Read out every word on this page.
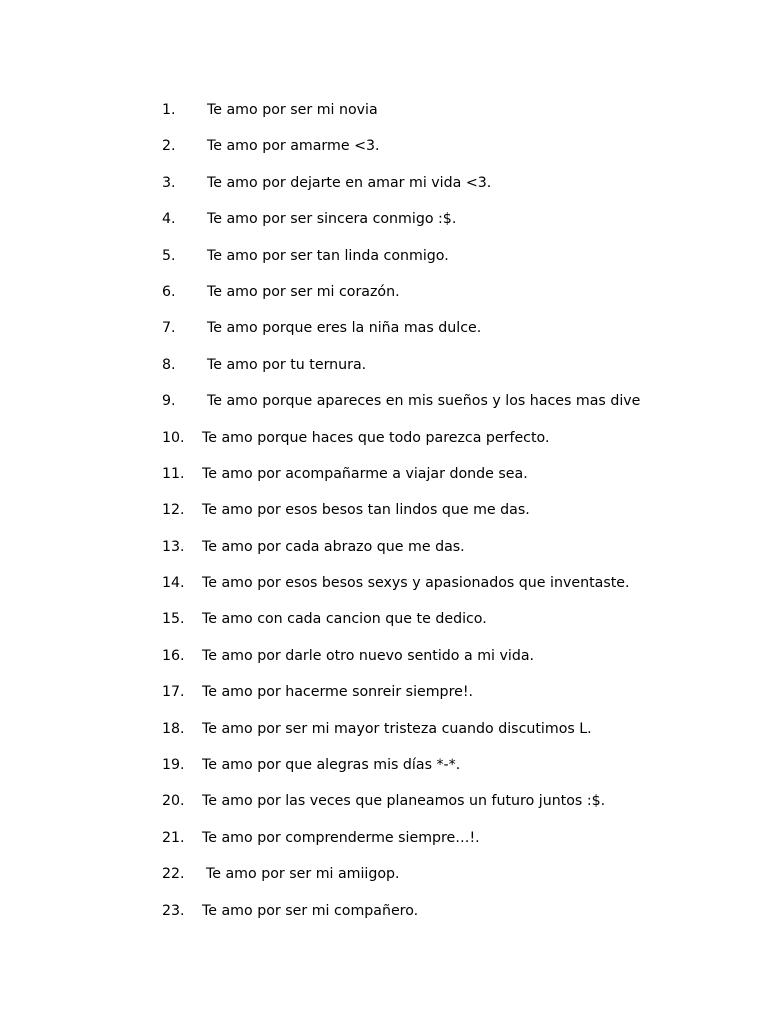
1. Te amo por ser mi novia
2. Te amo por amarme <3.
3. Te amo por dejarte en amar mi vida <3.
4. Te amo por ser sincera conmigo :$.
5. Te amo por ser tan linda conmigo.
6. Te amo por ser mi corazón.
7. Te amo porque eres la niña mas dulce.
8. Te amo por tu ternura.
9. Te amo porque apareces en mis sueños y los haces mas dive
10. Te amo porque haces que todo parezca perfecto.
11. Te amo por acompañarme a viajar donde sea.
12. Te amo por esos besos tan lindos que me das.
13. Te amo por cada abrazo que me das.
14. Te amo por esos besos sexys y apasionados que inventaste.
15. Te amo con cada cancion que te dedico.
16. Te amo por darle otro nuevo sentido a mi vida.
17. Te amo por hacerme sonreir siempre!.
18. Te amo por ser mi mayor tristeza cuando discutimos L.
19. Te amo por que alegras mis días *-*.
20. Te amo por las veces que planeamos un futuro juntos :$.
21. Te amo por comprenderme siempre…!.
22. Te amo por ser mi amiigop.
23. Te amo por ser mi compañero.
